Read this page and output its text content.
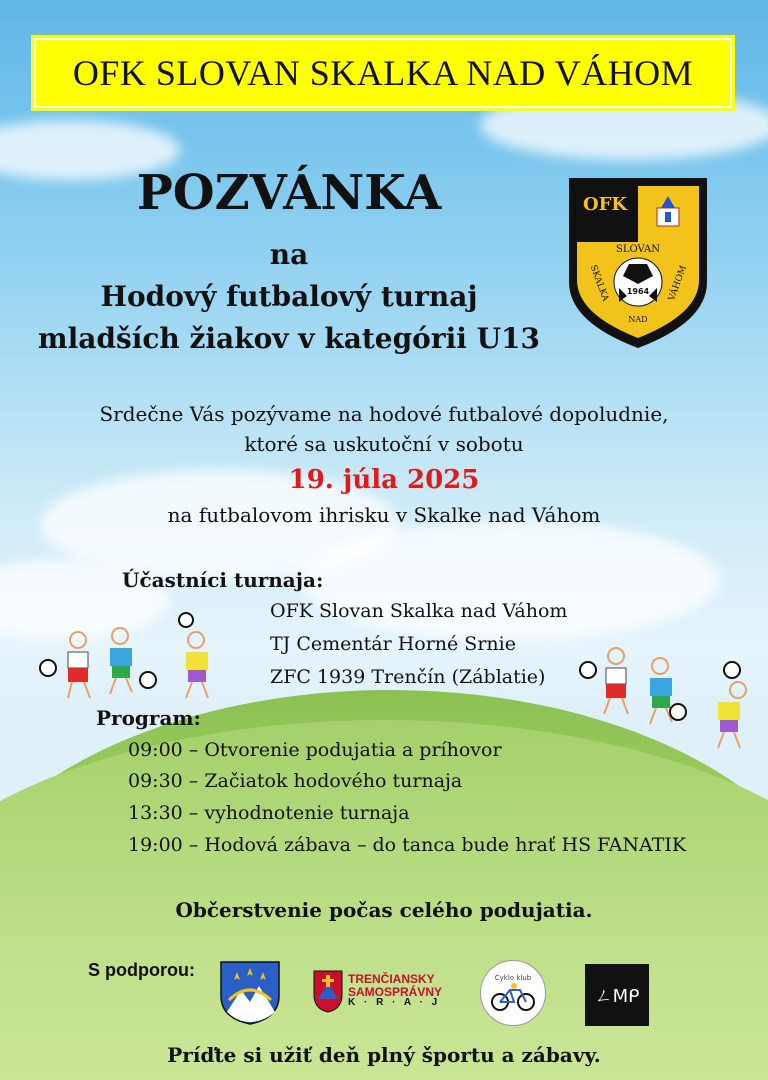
OFK SLOVAN SKALKA NAD VÁHOM
POZVÁNKA
na
Hodový futbalový turnaj
mladších žiakov v kategórii U13
OFK
SLOVAN
SKALKA	VÁHOM
NAD
1964
Srdečne Vás pozývame na hodové futbalové dopoludnie,
ktoré sa uskutoční v sobotu
19. júla 2025
na futbalovom ihrisku v Skalke nad Váhom
Účastníci turnaja:
OFK Slovan Skalka nad Váhom
TJ Cementár Horné Srnie
ZFC 1939 Trenčín (Záblatie)
Program:
09:00 – Otvorenie podujatia a príhovor
09:30 – Začiatok hodového turnaja
13:30 – vyhodnotenie turnaja
19:00 – Hodová zábava – do tanca bude hrať HS FANATIK
Občerstvenie počas celého podujatia.
S podporou:	TRENČIANSKY
SAMOSPRÁVNY
K · R · A · J
Cyklo klub
ㄥMᑭ
Príďte si užiť deň plný športu a zábavy.
